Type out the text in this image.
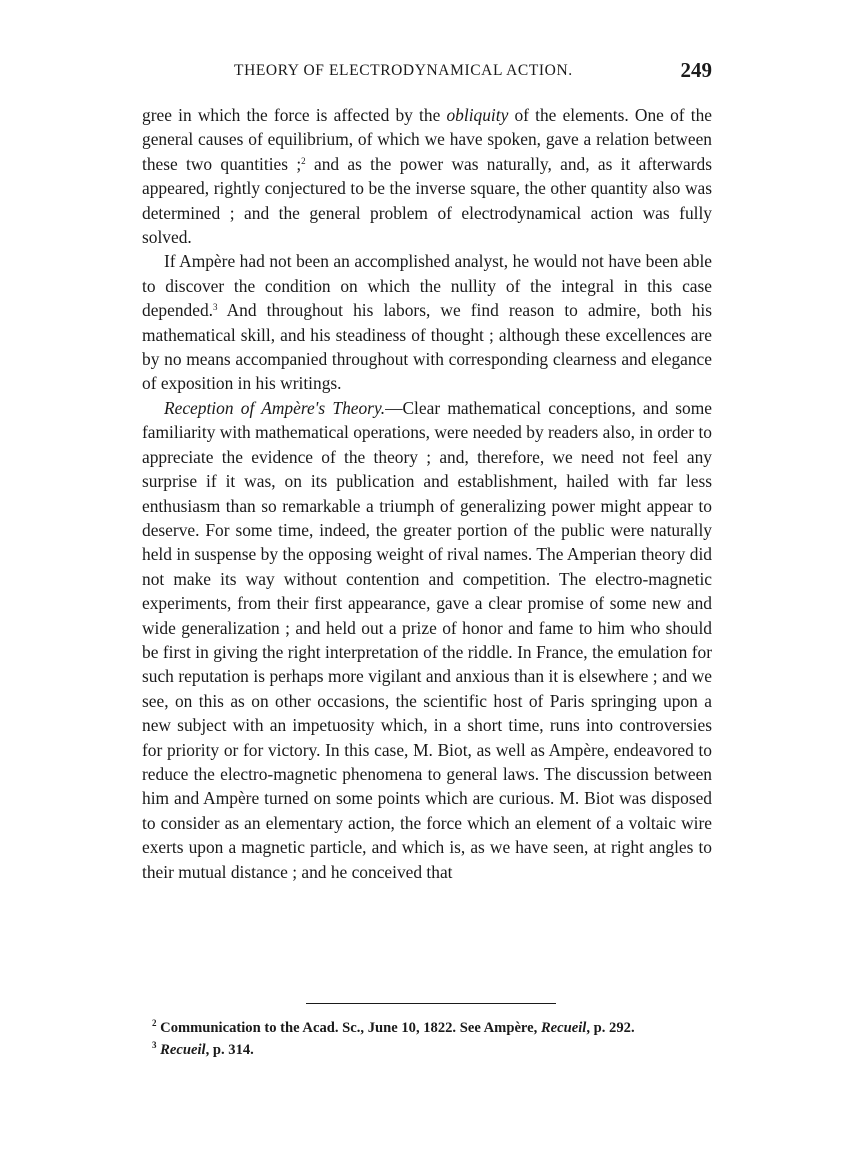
THEORY OF ELECTRODYNAMICAL ACTION.	249

gree in which the force is affected by the obliquity of the elements. One of the general causes of equilibrium, of which we have spoken, gave a relation between these two quantities ;$^2$ and as the power was naturally, and, as it afterwards appeared, rightly conjectured to be the inverse square, the other quantity also was determined ; and the general problem of electrodynamical action was fully solved.

If Ampère had not been an accomplished analyst, he would not have been able to discover the condition on which the nullity of the integral in this case depended.$^3$ And throughout his labors, we find reason to admire, both his mathematical skill, and his steadiness of thought ; although these excellences are by no means accompanied throughout with corresponding clearness and elegance of exposition in his writings.

Reception of Ampère's Theory.—Clear mathematical conceptions, and some familiarity with mathematical operations, were needed by readers also, in order to appreciate the evidence of the theory ; and, therefore, we need not feel any surprise if it was, on its publication and establishment, hailed with far less enthusiasm than so remarkable a triumph of generalizing power might appear to deserve. For some time, indeed, the greater portion of the public were naturally held in suspense by the opposing weight of rival names. The Amperian theory did not make its way without contention and competition. The electro-magnetic experiments, from their first appearance, gave a clear promise of some new and wide generalization ; and held out a prize of honor and fame to him who should be first in giving the right interpretation of the riddle. In France, the emulation for such reputation is perhaps more vigilant and anxious than it is elsewhere ; and we see, on this as on other occasions, the scientific host of Paris springing upon a new subject with an impetuosity which, in a short time, runs into controversies for priority or for victory. In this case, M. Biot, as well as Ampère, endeavored to reduce the electro-magnetic phenomena to general laws. The discussion between him and Ampère turned on some points which are curious. M. Biot was disposed to consider as an elementary action, the force which an element of a voltaic wire exerts upon a magnetic particle, and which is, as we have seen, at right angles to their mutual distance ; and he conceived that

$^2$ Communication to the Acad. Sc., June 10, 1822. See Ampère, Recueil, p. 292.

$^3$ Recueil, p. 314.
